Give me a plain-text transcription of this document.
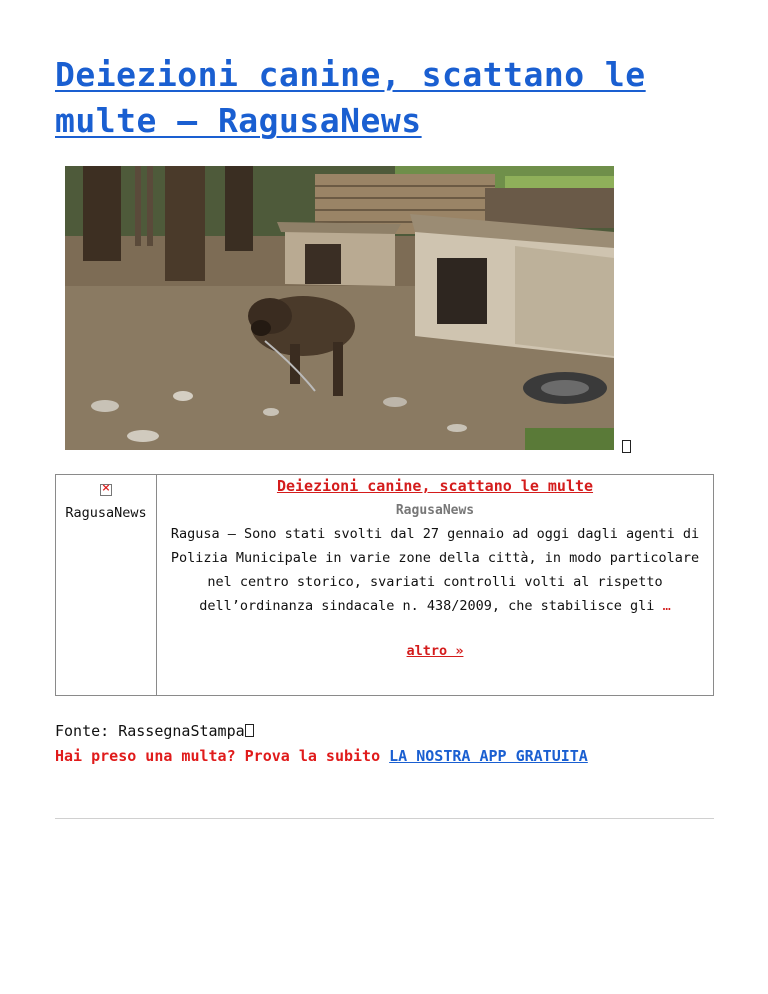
Deiezioni canine, scattano le multe – RagusaNews
×
RagusaNews
	Deiezioni canine, scattano le multe
RagusaNews

Ragusa – Sono stati svolti dal 27 gennaio ad oggi dagli agenti di Polizia Municipale in varie zone della città, in modo particolare nel centro storico, svariati controlli volti al rispetto dell’ordinanza sindacale n. 438/2009, che stabilisce gli …

altro »
Fonte: RassegnaStampa
Hai preso una multa? Prova la subito LA NOSTRA APP GRATUITA
